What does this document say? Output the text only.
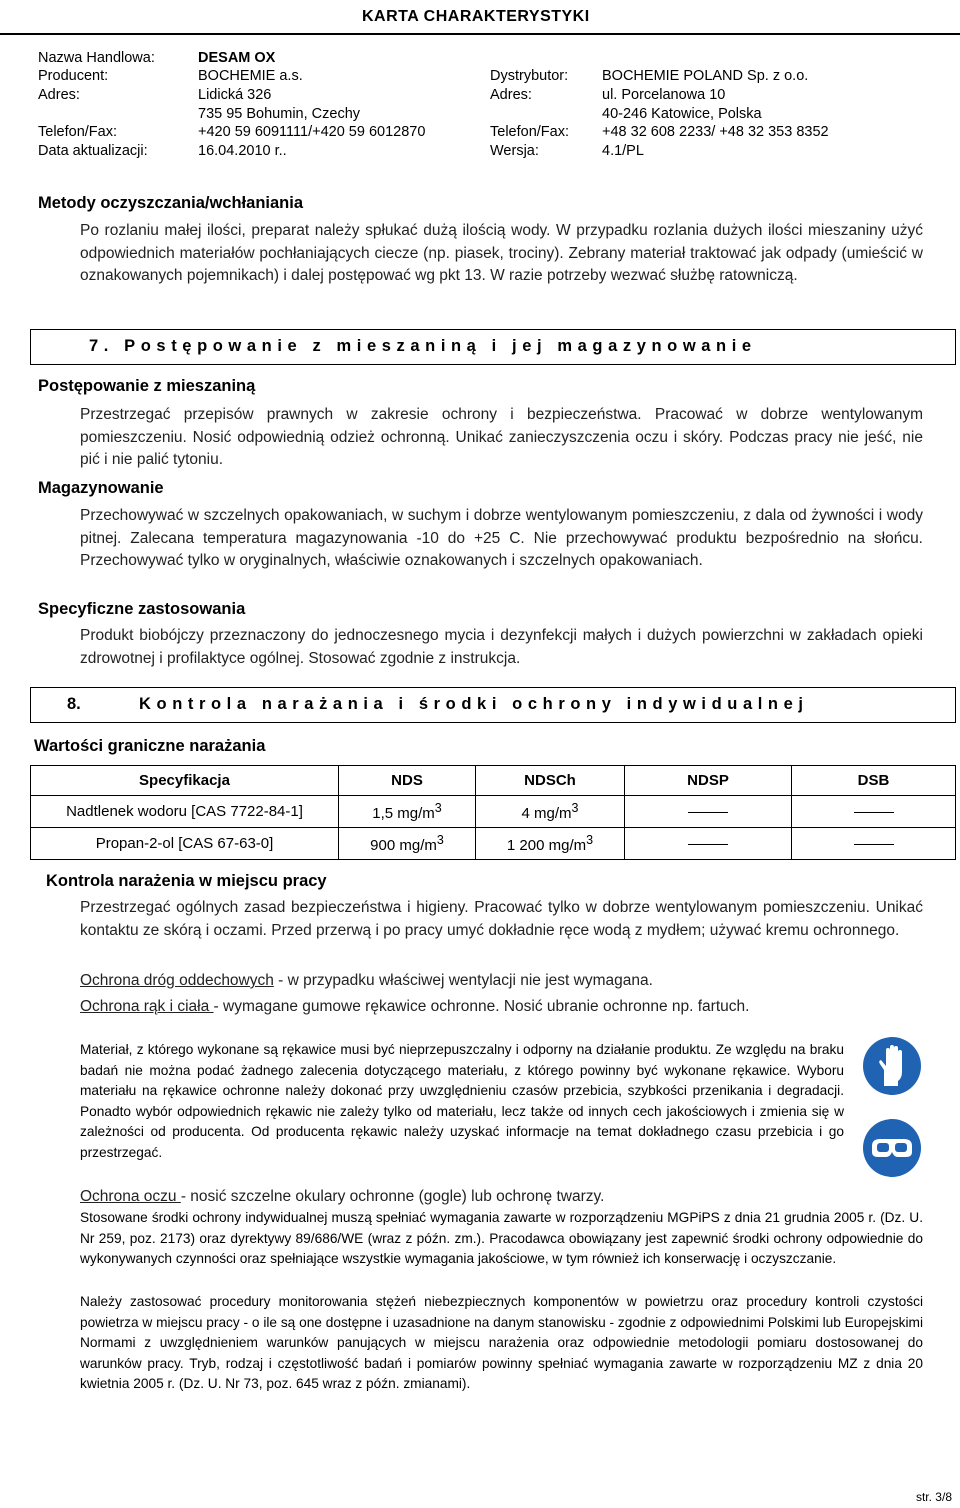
KARTA CHARAKTERYSTYKI
Nazwa Handlowa:	DESAM OX
Producent:	BOCHEMIE a.s.	Dystrybutor: BOCHEMIE POLAND Sp. z o.o.
Adres:	Lidická 326	Adres:	ul. Porcelanowa 10
735 95 Bohumin, Czechy	40-246 Katowice, Polska
Telefon/Fax:	+420 59 6091111/+420 59 6012870	Telefon/Fax: +48 32 608 2233/ +48 32 353 8352
Data aktualizacji:	16.04.2010 r..	Wersja:	4.1/PL
Metody oczyszczania/wchłaniania
Po rozlaniu małej ilości, preparat należy spłukać dużą ilością wody. W przypadku rozlania dużych ilości mieszaniny użyć odpowiednich materiałów pochłaniających ciecze (np. piasek, trociny). Zebrany materiał traktować jak odpady (umieścić w oznakowanych pojemnikach) i dalej postępować wg pkt 13. W razie potrzeby wezwać służbę ratowniczą.
7. Postępowanie z mieszaniną i jej magazynowanie
Postępowanie z mieszaniną
Przestrzegać przepisów prawnych w zakresie ochrony i bezpieczeństwa. Pracować w dobrze wentylowanym pomieszczeniu. Nosić odpowiednią odzież ochronną. Unikać zanieczyszczenia oczu i skóry. Podczas pracy nie jeść, nie pić i nie palić tytoniu.
Magazynowanie
Przechowywać w szczelnych opakowaniach, w suchym i dobrze wentylowanym pomieszczeniu, z dala od żywności i wody pitnej. Zalecana temperatura magazynowania -10 do +25 C. Nie przechowywać produktu bezpośrednio na słońcu. Przechowywać tylko w oryginalnych, właściwie oznakowanych i szczelnych opakowaniach.
Specyficzne zastosowania
Produkt biobójczy przeznaczony do jednoczesnego mycia i dezynfekcji małych i dużych powierzchni w zakładach opieki zdrowotnej i profilaktyce ogólnej. Stosować zgodnie z instrukcja.
8.	Kontrola narażania i środki ochrony indywidualnej
Wartości graniczne narażania
Specyfikacja	NDS	NDSCh	NDSP	DSB
Nadtlenek wodoru [CAS 7722-84-1]	1,5 $mg/m^3$	4 $mg/m^3$		
Propan-2-ol [CAS 67-63-0]	900 $mg/m^3$	1 200 $mg/m^3$		
Kontrola narażenia w miejscu pracy
Przestrzegać ogólnych zasad bezpieczeństwa i higieny. Pracować tylko w dobrze wentylowanym pomieszczeniu. Unikać kontaktu ze skórą i oczami. Przed przerwą i po pracy umyć dokładnie ręce wodą z mydłem; używać kremu ochronnego.
Ochrona dróg oddechowych - w przypadku właściwej wentylacji nie jest wymagana.
Ochrona rąk i ciała - wymagane gumowe rękawice ochronne. Nosić ubranie ochronne np. fartuch.
Materiał, z którego wykonane są rękawice musi być nieprzepuszczalny i odporny na działanie produktu. Ze względu na braku badań nie można podać żadnego zalecenia dotyczącego materiału, z którego powinny być wykonane rękawice. Wyboru materiału na rękawice ochronne należy dokonać przy uwzględnieniu czasów przebicia, szybkości przenikania i degradacji. Ponadto wybór odpowiednich rękawic nie zależy tylko od materiału, lecz także od innych cech jakościowych i zmienia się w zależności od producenta. Od producenta rękawic należy uzyskać informacje na temat dokładnego czasu przebicia i go przestrzegać.
Ochrona oczu - nosić szczelne okulary ochronne (gogle) lub ochronę twarzy.
Stosowane środki ochrony indywidualnej muszą spełniać wymagania zawarte w rozporządzeniu MGPiPS z dnia 21 grudnia 2005 r. (Dz. U. Nr 259, poz. 2173) oraz dyrektywy 89/686/WE (wraz z późn. zm.). Pracodawca obowiązany jest zapewnić środki ochrony odpowiednie do wykonywanych czynności oraz spełniające wszystkie wymagania jakościowe, w tym również ich konserwację i oczyszczanie.
Należy zastosować procedury monitorowania stężeń niebezpiecznych komponentów w powietrzu oraz procedury kontroli czystości powietrza w miejscu pracy - o ile są one dostępne i uzasadnione na danym stanowisku - zgodnie z odpowiednimi Polskimi lub Europejskimi Normami z uwzględnieniem warunków panujących w miejscu narażenia oraz odpowiednie metodologii pomiaru dostosowanej do warunków pracy. Tryb, rodzaj i częstotliwość badań i pomiarów powinny spełniać wymagania zawarte w rozporządzeniu MZ z dnia 20 kwietnia 2005 r. (Dz. U. Nr 73, poz. 645 wraz z późn. zmianami).
str. 3/8
